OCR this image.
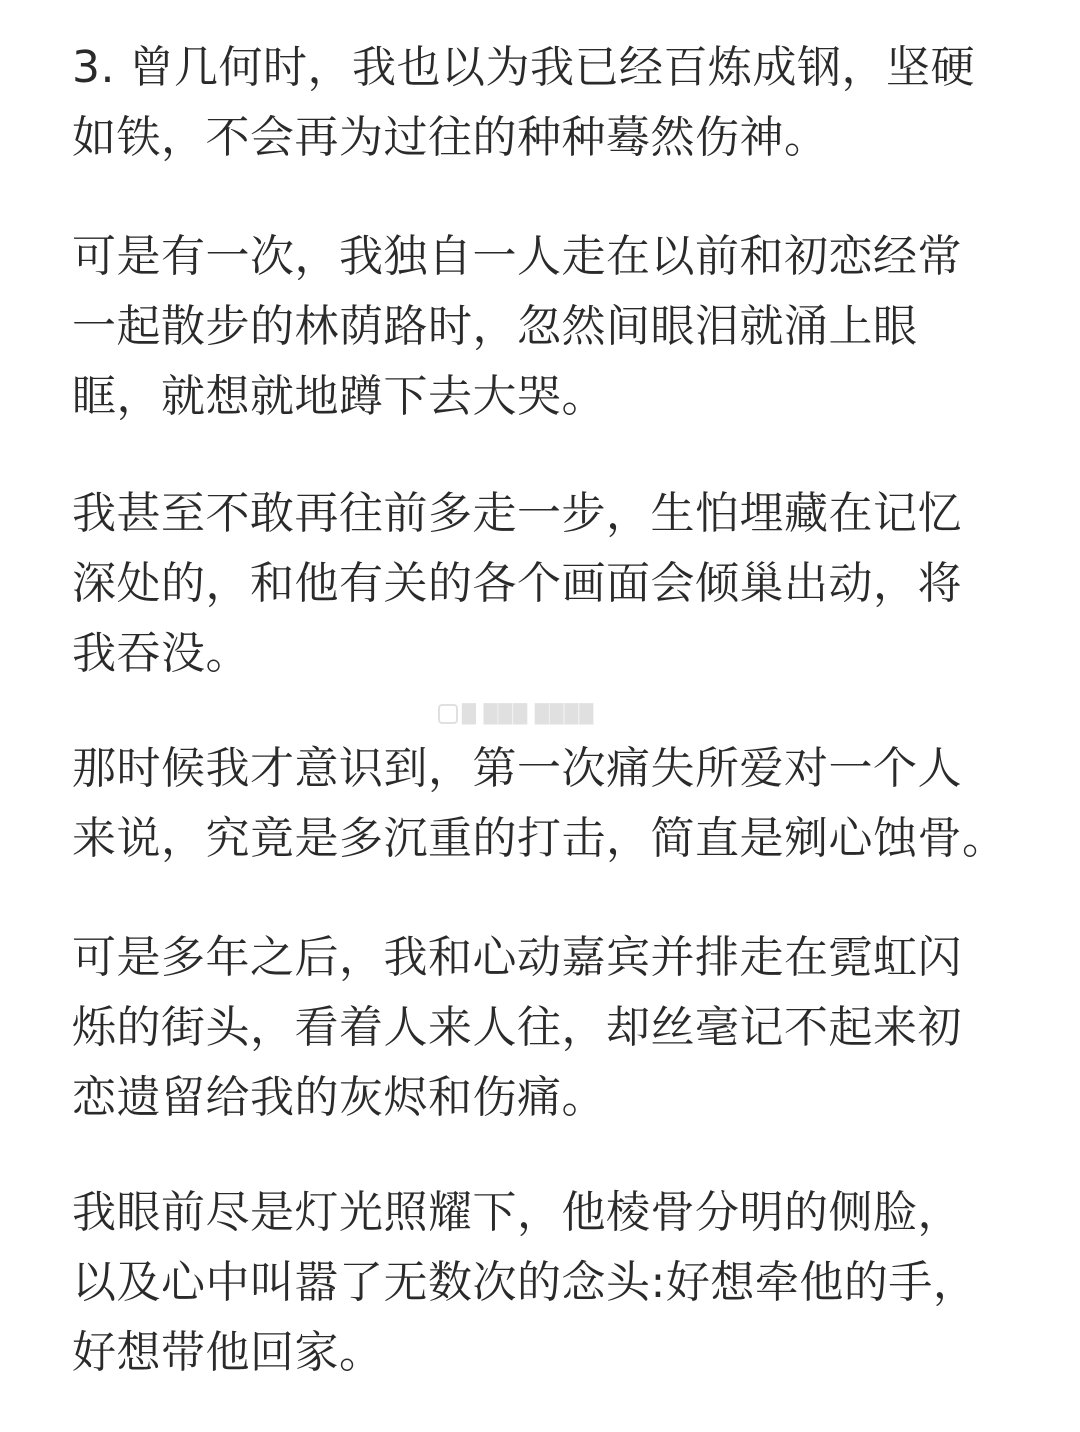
3. 曾几何时，我也以为我已经百炼成钢，坚硬
如铁，不会再为过往的种种蓦然伤神。
可是有一次，我独自一人走在以前和初恋经常
一起散步的林荫路时，忽然间眼泪就涌上眼
眶，就想就地蹲下去大哭。
我甚至不敢再往前多走一步，生怕埋藏在记忆
深处的，和他有关的各个画面会倾巢出动，将
我吞没。
█ ███ ████
那时候我才意识到，第一次痛失所爱对一个人
来说，究竟是多沉重的打击，简直是剜心蚀骨。
可是多年之后，我和心动嘉宾并排走在霓虹闪
烁的街头，看着人来人往，却丝毫记不起来初
恋遗留给我的灰烬和伤痛。
我眼前尽是灯光照耀下，他棱骨分明的侧脸，
以及心中叫嚣了无数次的念头:好想牵他的手，
好想带他回家。
